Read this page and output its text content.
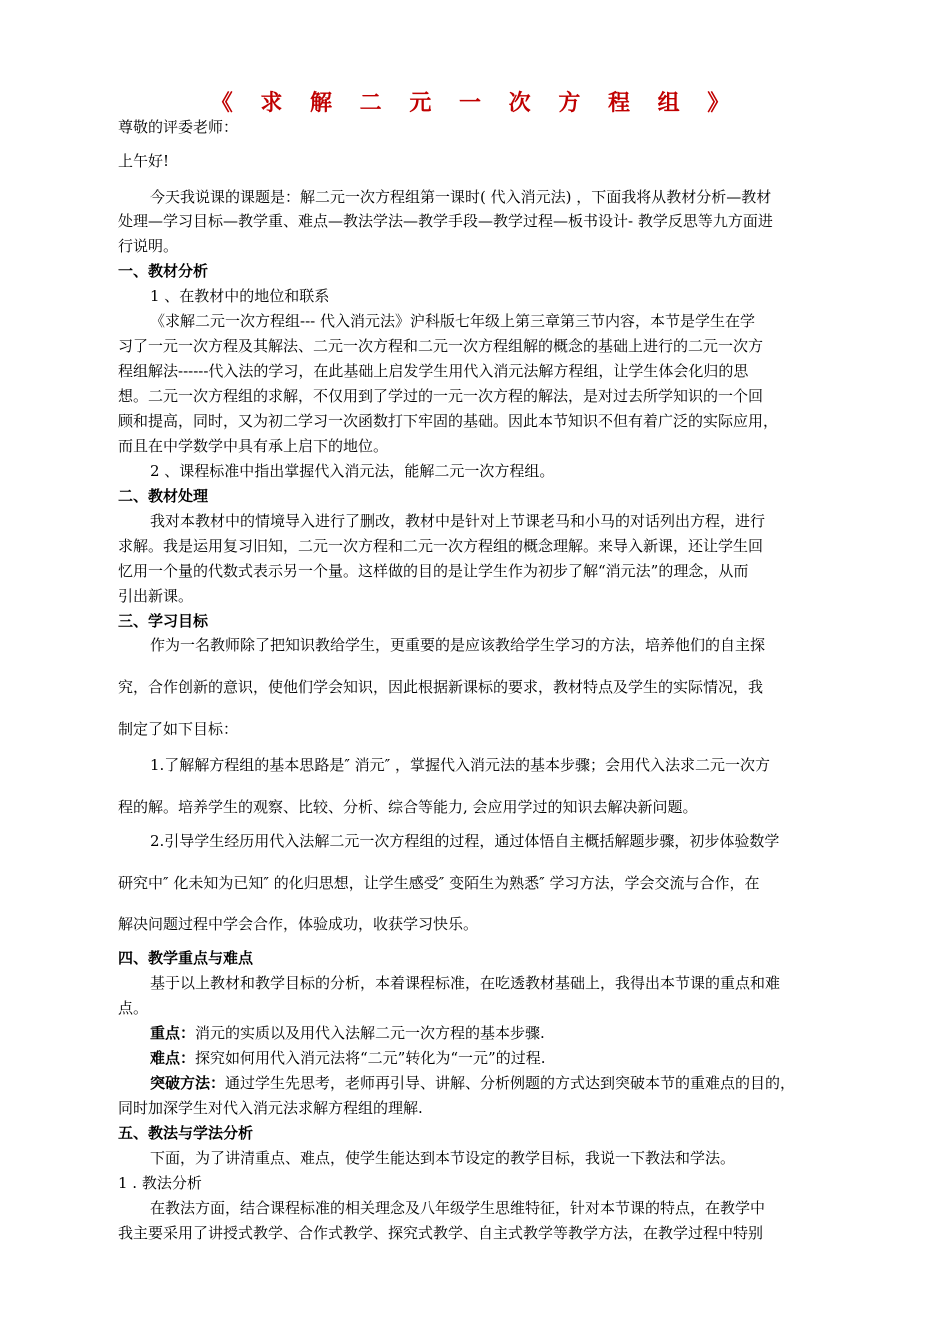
《 求 解 二 元 一 次 方 程 组 》
尊敬的评委老师：
上午好!
今天我说课的课题是：解二元一次方程组第一课时( 代入消元法) ，下面我将从教材分析—教材
处理—学习目标—教学重、难点—教法学法—教学手段—教学过程—板书设计- 教学反思等九方面进
行说明。
一、教材分析
1 、在教材中的地位和联系
《求解二元一次方程组--- 代入消元法》沪科版七年级上第三章第三节内容，本节是学生在学
习了一元一次方程及其解法、二元一次方程和二元一次方程组解的概念的基础上进行的二元一次方
程组解法------代入法的学习，在此基础上启发学生用代入消元法解方程组，让学生体会化归的思
想。二元一次方程组的求解，不仅用到了学过的一元一次方程的解法，是对过去所学知识的一个回
顾和提高，同时，又为初二学习一次函数打下牢固的基础。因此本节知识不但有着广泛的实际应用，
而且在中学数学中具有承上启下的地位。
2 、课程标准中指出掌握代入消元法，能解二元一次方程组。
二、教材处理
我对本教材中的情境导入进行了删改，教材中是针对上节课老马和小马的对话列出方程，进行
求解。我是运用复习旧知，二元一次方程和二元一次方程组的概念理解。来导入新课，还让学生回
忆用一个量的代数式表示另一个量。这样做的目的是让学生作为初步了解“消元法”的理念，从而
引出新课。
三、学习目标
作为一名教师除了把知识教给学生，更重要的是应该教给学生学习的方法，培养他们的自主探
究，合作创新的意识，使他们学会知识，因此根据新课标的要求，教材特点及学生的实际情况，我
制定了如下目标：
1.了解解方程组的基本思路是″ 消元″ ，掌握代入消元法的基本步骤；会用代入法求二元一次方
程的解。培养学生的观察、比较、分析、综合等能力, 会应用学过的知识去解决新问题。
2.引导学生经历用代入法解二元一次方程组的过程，通过体悟自主概括解题步骤，初步体验数学
研究中″ 化未知为已知″ 的化归思想，让学生感受″ 变陌生为熟悉″ 学习方法，学会交流与合作，在
解决问题过程中学会合作，体验成功，收获学习快乐。
四、教学重点与难点
基于以上教材和教学目标的分析，本着课程标准，在吃透教材基础上，我得出本节课的重点和难
点。
重点：消元的实质以及用代入法解二元一次方程的基本步骤.
难点：探究如何用代入消元法将“二元”转化为“一元”的过程.
突破方法：通过学生先思考，老师再引导、讲解、分析例题的方式达到突破本节的重难点的目的，
同时加深学生对代入消元法求解方程组的理解.
五、教法与学法分析
下面，为了讲清重点、难点，使学生能达到本节设定的教学目标，我说一下教法和学法。
1 . 教法分析
在教法方面，结合课程标准的相关理念及八年级学生思维特征，针对本节课的特点，在教学中
我主要采用了讲授式教学、合作式教学、探究式教学、自主式教学等教学方法，在教学过程中特别
